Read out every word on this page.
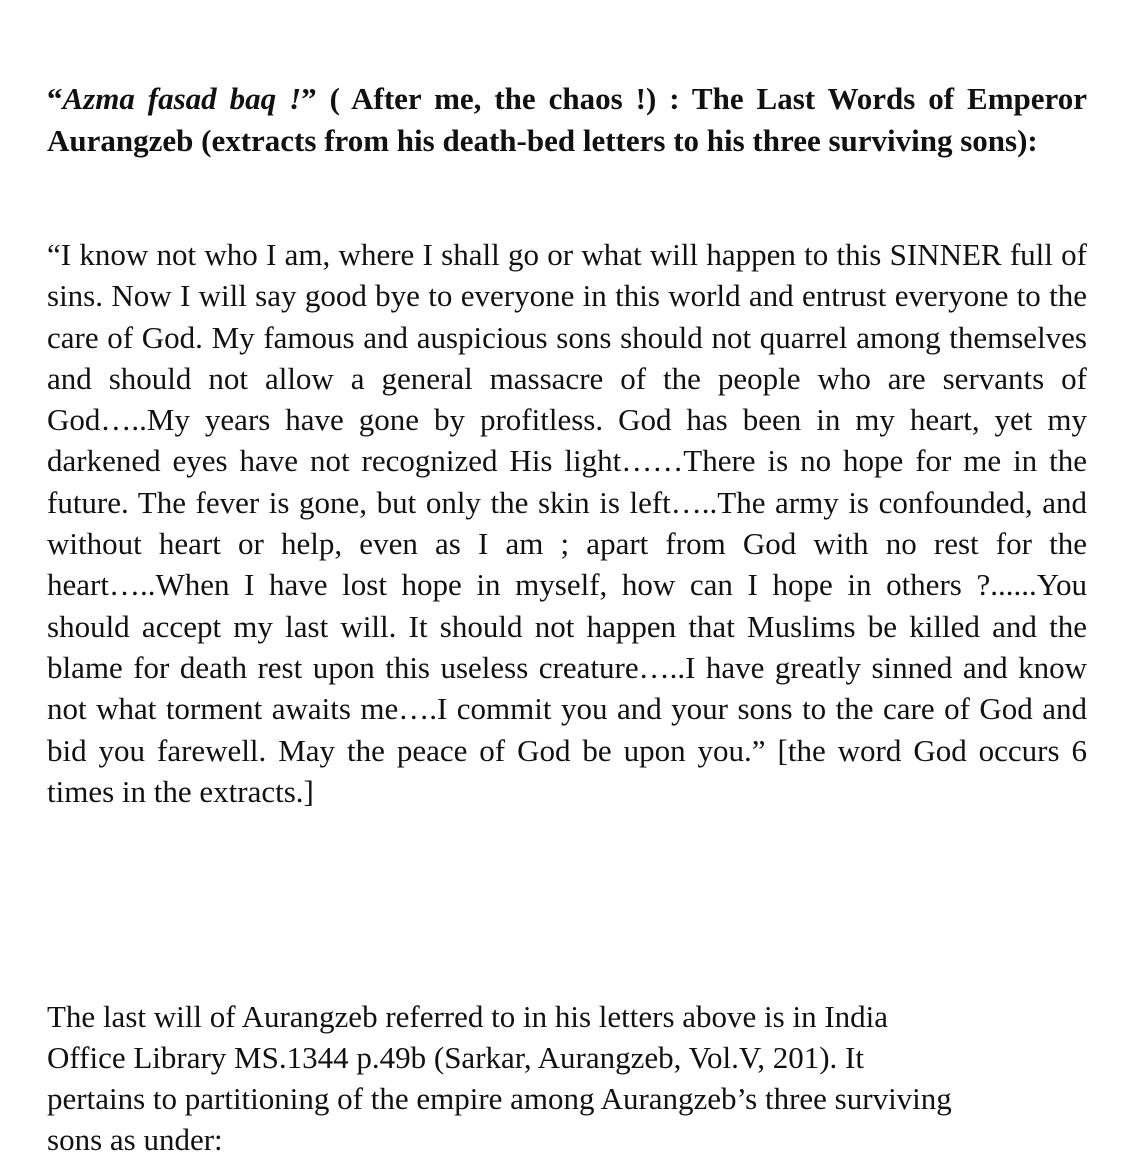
“Azma fasad baq !” ( After me, the chaos !) : The Last Words of Emperor Aurangzeb (extracts from his death-bed letters to his three surviving sons):

“I know not who I am, where I shall go or what will happen to this SINNER full of sins. Now I will say good bye to everyone in this world and entrust everyone to the care of God. My famous and auspicious sons should not quarrel among themselves and should not allow a general massacre of the people who are servants of God…..My years have gone by profitless. God has been in my heart, yet my darkened eyes have not recognized His light……There is no hope for me in the future. The fever is gone, but only the skin is left…..The army is confounded, and without heart or help, even as I am ; apart from God with no rest for the heart…..When I have lost hope in myself, how can I hope in others ?......You should accept my last will. It should not happen that Muslims be killed and the blame for death rest upon this useless creature…..I have greatly sinned and know not what torment awaits me….I commit you and your sons to the care of God and bid you farewell. May the peace of God be upon you.” [the word God occurs 6 times in the extracts.]

The last will of Aurangzeb referred to in his letters above is in India
Office Library MS.1344 p.49b (Sarkar, Aurangzeb, Vol.V, 201). It
pertains to partitioning of the empire among Aurangzeb’s three surviving
sons as under:
